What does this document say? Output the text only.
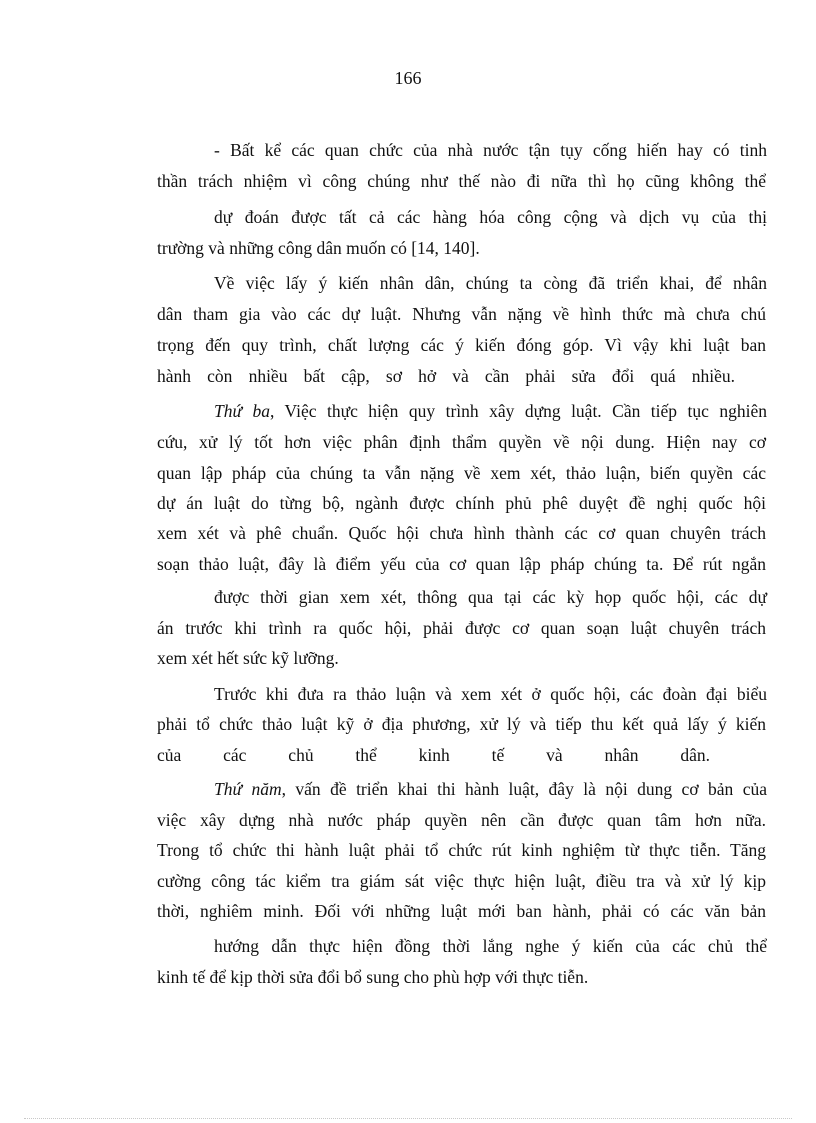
166
- Bất kể các quan chức của nhà nước tận tụy cống hiến hay có tinh
thần trách nhiệm vì công chúng như thế nào đi nữa thì họ cũng không thể
dự đoán được tất cả các hàng hóa công cộng và dịch vụ của thị
trường và những công dân muốn có [14, 140].
Về việc lấy ý kiến nhân dân, chúng ta còng đã triển khai, để nhân
dân tham gia vào các dự luật. Nhưng vẫn nặng về hình thức mà chưa chú
trọng đến quy trình, chất lượng các ý kiến đóng góp. Vì vậy khi luật ban
hành còn nhiều bất cập, sơ hở và cần phải sửa đổi quá nhiều.
Thứ ba, Việc thực hiện quy trình xây dựng luật. Cần tiếp tục nghiên
cứu, xử lý tốt hơn việc phân định thẩm quyền về nội dung. Hiện nay cơ
quan lập pháp của chúng ta vẫn nặng về xem xét, thảo luận, biến quyền các
dự án luật do từng bộ, ngành được chính phủ phê duyệt đề nghị quốc hội
xem xét và phê chuẩn. Quốc hội chưa hình thành các cơ quan chuyên trách
soạn thảo luật, đây là điểm yếu của cơ quan lập pháp chúng ta. Để rút ngắn
được thời gian xem xét, thông qua tại các kỳ họp quốc hội, các dự
án trước khi trình ra quốc hội, phải được cơ quan soạn luật chuyên trách
xem xét hết sức kỹ lưỡng.
Trước khi đưa ra thảo luận và xem xét ở quốc hội, các đoàn đại biểu
phải tổ chức thảo luật kỹ ở địa phương, xử lý và tiếp thu kết quả lấy ý kiến
của các chủ thể kinh tế và nhân dân.
Thứ năm, vấn đề triển khai thi hành luật, đây là nội dung cơ bản của
việc xây dựng nhà nước pháp quyền nên cần được quan tâm hơn nữa.
Trong tổ chức thi hành luật phải tổ chức rút kinh nghiệm từ thực tiễn. Tăng
cường công tác kiểm tra giám sát việc thực hiện luật, điều tra và xử lý kịp
thời, nghiêm minh. Đối với những luật mới ban hành, phải có các văn bản
hướng dẫn thực hiện đồng thời lắng nghe ý kiến của các chủ thể
kinh tế để kịp thời sửa đổi bổ sung cho phù hợp với thực tiễn.
